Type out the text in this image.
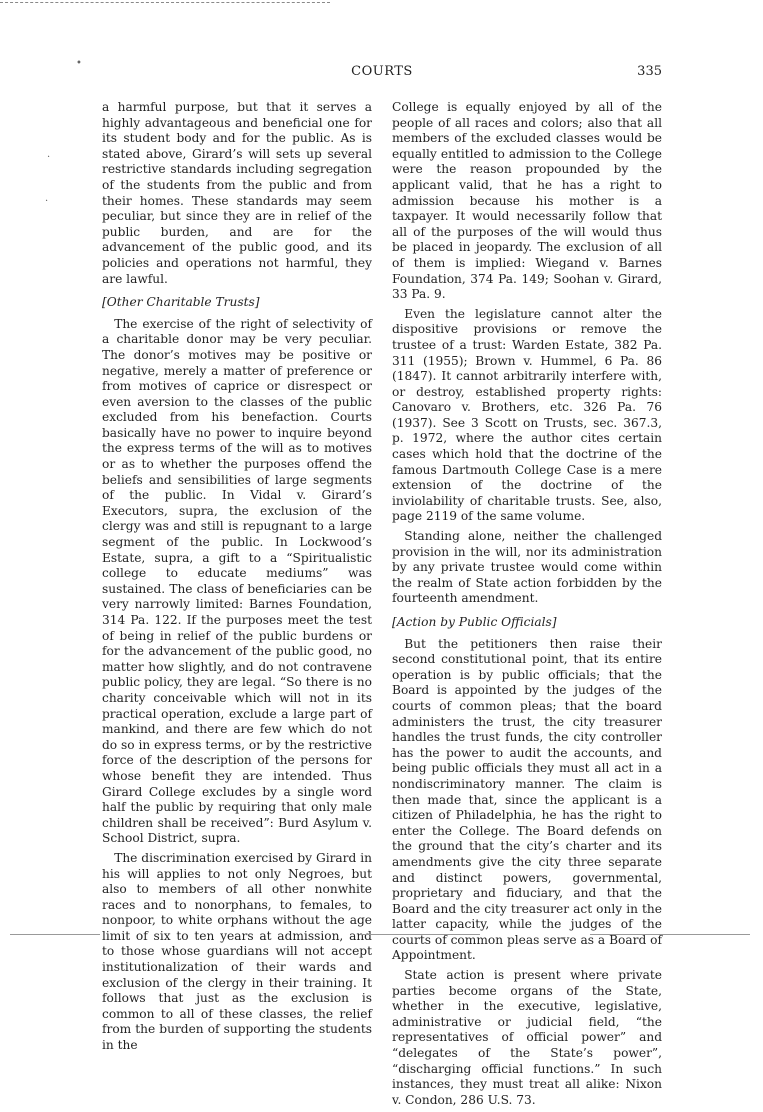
•
·
·
COURTS	335

a harmful purpose, but that it serves a highly advantageous and beneficial one for its student body and for the public. As is stated above, Girard’s will sets up several restrictive standards including segregation of the students from the public and from their homes. These standards may seem peculiar, but since they are in relief of the public burden, and are for the advancement of the public good, and its policies and operations not harmful, they are lawful.

[Other Charitable Trusts]

The exercise of the right of selectivity of a charitable donor may be very peculiar. The donor’s motives may be positive or negative, merely a matter of preference or from motives of caprice or disrespect or even aversion to the classes of the public excluded from his benefaction. Courts basically have no power to inquire beyond the express terms of the will as to motives or as to whether the purposes offend the beliefs and sensibilities of large segments of the public. In Vidal v. Girard’s Executors, supra, the exclusion of the clergy was and still is repugnant to a large segment of the public. In Lockwood’s Estate, supra, a gift to a “Spiritualistic college to educate mediums” was sustained. The class of beneficiaries can be very narrowly limited: Barnes Foundation, 314 Pa. 122. If the purposes meet the test of being in relief of the public burdens or for the advancement of the public good, no matter how slightly, and do not contravene public policy, they are legal. “So there is no charity conceivable which will not in its practical operation, exclude a large part of mankind, and there are few which do not do so in express terms, or by the restrictive force of the description of the persons for whose benefit they are intended. Thus Girard College excludes by a single word half the public by requiring that only male children shall be received”: Burd Asylum v. School District, supra.

The discrimination exercised by Girard in his will applies to not only Negroes, but also to members of all other nonwhite races and to nonorphans, to females, to nonpoor, to white orphans without the age limit of six to ten years at admission, and to those whose guardians will not accept institutionalization of their wards and exclusion of the clergy in their training. It follows that just as the exclusion is common to all of these classes, the relief from the burden of supporting the students in the

College is equally enjoyed by all of the people of all races and colors; also that all members of the excluded classes would be equally entitled to admission to the College were the reason propounded by the applicant valid, that he has a right to admission because his mother is a taxpayer. It would necessarily follow that all of the purposes of the will would thus be placed in jeopardy. The exclusion of all of them is implied: Wiegand v. Barnes Foundation, 374 Pa. 149; Soohan v. Girard, 33 Pa. 9.

Even the legislature cannot alter the dispositive provisions or remove the trustee of a trust: Warden Estate, 382 Pa. 311 (1955); Brown v. Hummel, 6 Pa. 86 (1847). It cannot arbitrarily interfere with, or destroy, established property rights: Canovaro v. Brothers, etc. 326 Pa. 76 (1937). See 3 Scott on Trusts, sec. 367.3, p. 1972, where the author cites certain cases which hold that the doctrine of the famous Dartmouth College Case is a mere extension of the doctrine of the inviolability of charitable trusts. See, also, page 2119 of the same volume.

Standing alone, neither the challenged provision in the will, nor its administration by any private trustee would come within the realm of State action forbidden by the fourteenth amendment.

[Action by Public Officials]

But the petitioners then raise their second constitutional point, that its entire operation is by public officials; that the Board is appointed by the judges of the courts of common pleas; that the board administers the trust, the city treasurer handles the trust funds, the city controller has the power to audit the accounts, and being public officials they must all act in a nondiscriminatory manner. The claim is then made that, since the applicant is a citizen of Philadelphia, he has the right to enter the College. The Board defends on the ground that the city’s charter and its amendments give the city three separate and distinct powers, governmental, proprietary and fiduciary, and that the Board and the city treasurer act only in the latter capacity, while the judges of the courts of common pleas serve as a Board of Appointment.

State action is present where private parties become organs of the State, whether in the executive, legislative, administrative or judicial field, “the representatives of official power” and “delegates of the State’s power”, “discharging official functions.” In such instances, they must treat all alike: Nixon v. Condon, 286 U.S. 73.
